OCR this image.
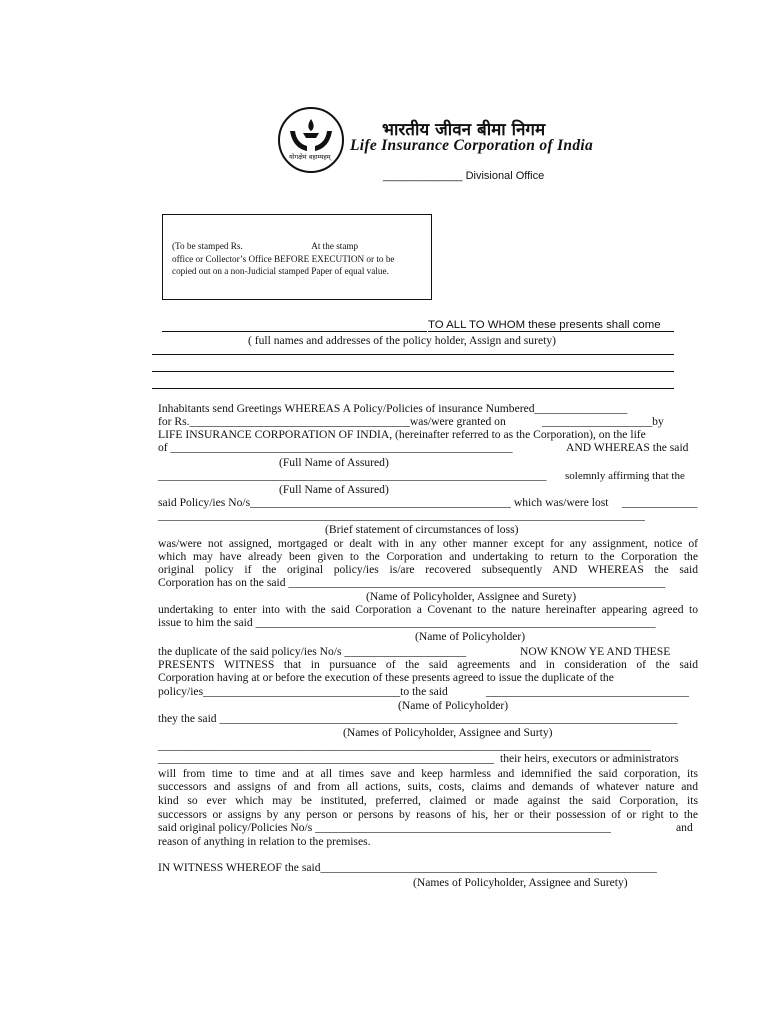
योगक्षेमं वहाम्यहम्
भारतीय जीवन बीमा निगम
Life Insurance Corporation of India
_____________ Divisional Office
(To be stamped Rs.                              At the stamp
office or Collector’s Office BEFORE EXECUTION or to be
copied out on a non-Judicial stamped Paper of equal value.
TO ALL TO WHOM these presents shall come
( full names and addresses of the policy holder, Assign and surety)
Inhabitants send Greetings WHEREAS A Policy/Policies of insurance Numbered________________
for Rs.______________________________________was/were granted on	___________________by
LIFE INSURANCE CORPORATION OF INDIA, (hereinafter referred to as the Corporation), on the life
of ___________________________________________________________	AND WHEREAS the said
(Full Name of Assured)
___________________________________________________________________ solemnly affirming that the
(Full Name of Assured)
said Policy/ies No/s_____________________________________________ which was/were lost _____________
____________________________________________________________________________________
(Brief statement of circumstances of loss)
was/were not assigned, mortgaged or dealt with in any other manner except for any assignment, notice of
which may have already been given to the Corporation and undertaking to return to the Corporation the
original policy if the original policy/ies is/are recovered subsequently AND WHEREAS the said
Corporation has on the said _________________________________________________________________
(Name of Policyholder, Assignee and Surety)
undertaking to enter into with the said Corporation a Covenant to the nature hereinafter appearing agreed to
issue to him the said _____________________________________________________________________
(Name of Policyholder)
the duplicate of the said policy/ies No/s _____________________	NOW KNOW YE AND THESE
PRESENTS WITNESS that in pursuance of the said agreements and in consideration of the said
Corporation having at or before the execution of these presents agreed to issue the duplicate of the
policy/ies__________________________________to the said	___________________________________
(Name of Policyholder)
they the said _______________________________________________________________________________
(Names of Policyholder, Assignee and Surty)
_____________________________________________________________________________________
__________________________________________________________ their heirs, executors or administrators
will from time to time and at all times save and keep harmless and idemnified the said corporation, its
successors and assigns of and from all actions, suits, costs, claims and demands of whatever nature and
kind so ever which may be instituted, preferred, claimed or made against the said Corporation, its
successors or assigns by any person or persons by reasons of his, her or their possession of or right to the
said original policy/Policies No/s ___________________________________________________	and
reason of anything in relation to the premises.
IN WITNESS WHEREOF the said__________________________________________________________
(Names of Policyholder, Assignee and Surety)
